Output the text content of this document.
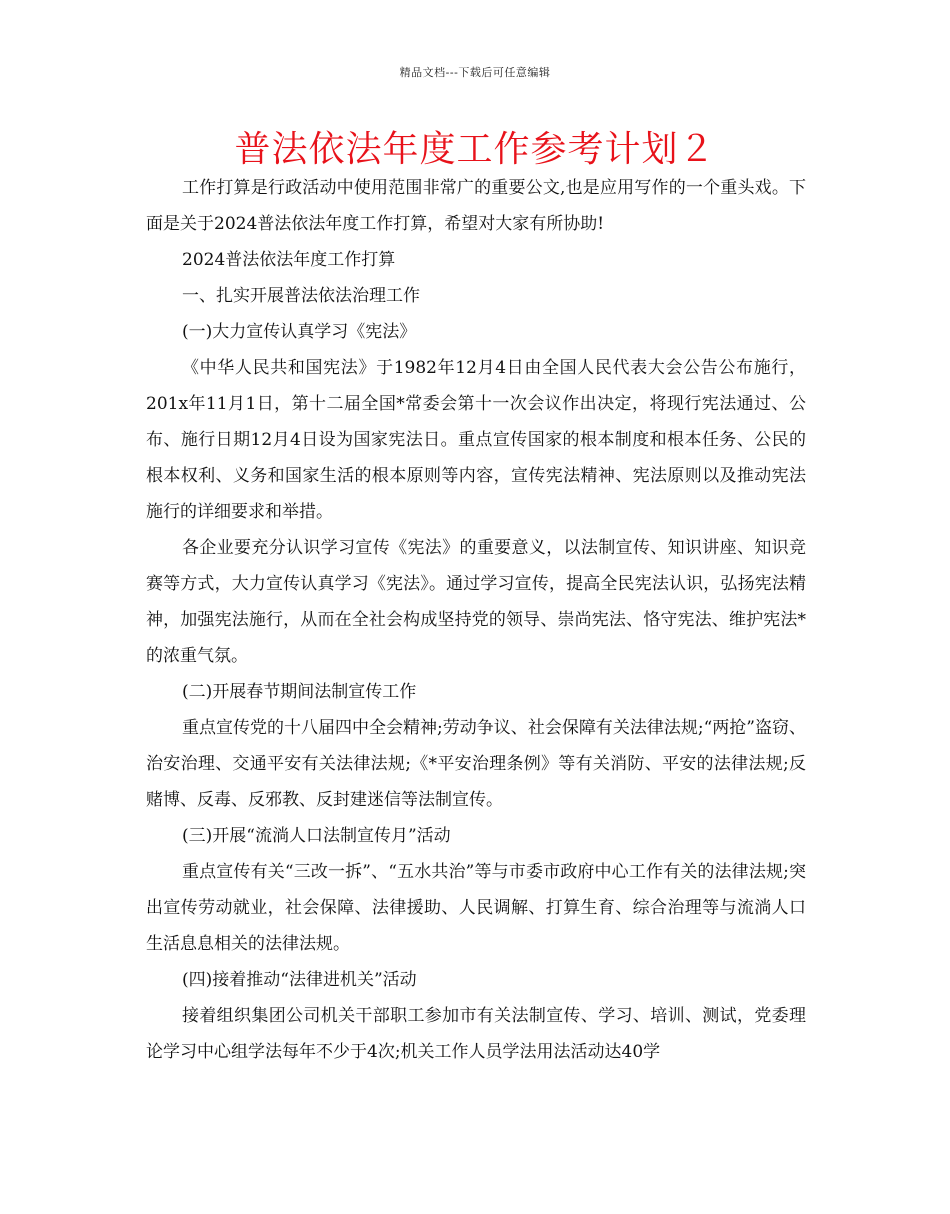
精品文档---下载后可任意编辑
普法依法年度工作参考计划２

工作打算是行政活动中使用范围非常广的重要公文,也是应用写作的一个重头戏。下面是关于2024普法依法年度工作打算，希望对大家有所协助!

2024普法依法年度工作打算

一、扎实开展普法依法治理工作

(一)大力宣传认真学习《宪法》

《中华人民共和国宪法》于1982年12月4日由全国人民代表大会公告公布施行，201x年11月1日，第十二届全国*常委会第十一次会议作出决定，将现行宪法通过、公布、施行日期12月4日设为国家宪法日。重点宣传国家的根本制度和根本任务、公民的根本权利、义务和国家生活的根本原则等内容，宣传宪法精神、宪法原则以及推动宪法施行的详细要求和举措。

各企业要充分认识学习宣传《宪法》的重要意义，以法制宣传、知识讲座、知识竞赛等方式，大力宣传认真学习《宪法》。通过学习宣传，提高全民宪法认识，弘扬宪法精神，加强宪法施行，从而在全社会构成坚持党的领导、崇尚宪法、恪守宪法、维护宪法*的浓重气氛。

(二)开展春节期间法制宣传工作

重点宣传党的十八届四中全会精神;劳动争议、社会保障有关法律法规;“两抢”盗窃、治安治理、交通平安有关法律法规;《*平安治理条例》等有关消防、平安的法律法规;反赌博、反毒、反邪教、反封建迷信等法制宣传。

(三)开展“流淌人口法制宣传月”活动

重点宣传有关“三改一拆”、“五水共治”等与市委市政府中心工作有关的法律法规;突出宣传劳动就业，社会保障、法律援助、人民调解、打算生育、综合治理等与流淌人口生活息息相关的法律法规。

(四)接着推动“法律进机关”活动

接着组织集团公司机关干部职工参加市有关法制宣传、学习、培训、测试，党委理论学习中心组学法每年不少于4次;机关工作人员学法用法活动达40学
